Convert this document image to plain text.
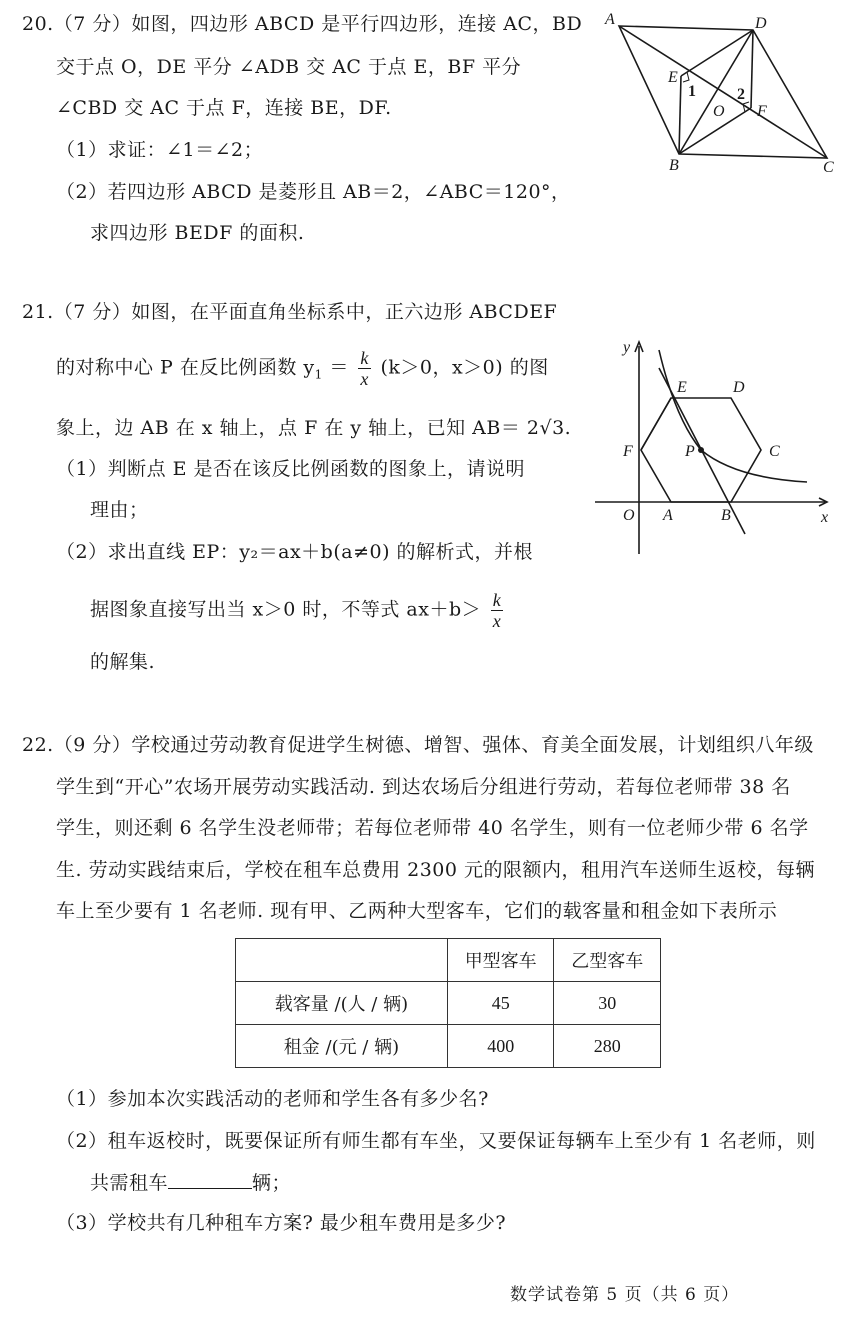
20.（7 分）如图，四边形 ABCD 是平行四边形，连接 AC，BD
交于点 O，DE 平分 ∠ADB 交 AC 于点 E，BF 平分
∠CBD 交 AC 于点 F，连接 BE，DF.
（1）求证：∠1＝∠2；
（2）若四边形 ABCD 是菱形且 AB＝2，∠ABC＝120°，
求四边形 BEDF 的面积.
A	D
C
B
E
F
O
1	2
21.（7 分）如图，在平面直角坐标系中，正六边形 ABCDEF
的对称中心 P 在反比例函数 $y_1 = \frac{k}{x} (k>0$，x＞0) 的图
象上，边 AB 在 x 轴上，点 F 在 y 轴上，已知 AB＝ 2√3.
（1）判断点 E 是否在该反比例函数的图象上，请说明
理由；
（2）求出直线 EP：y₂＝ax＋b(a≠0) 的解析式，并根
据图象直接写出当 x＞0 时，不等式 $ax+b> \frac{k}{x}$
的解集.
y
x
O A	B
C
D
E
F	P
22.（9 分）学校通过劳动教育促进学生树德、增智、强体、育美全面发展，计划组织八年级
学生到“开心”农场开展劳动实践活动. 到达农场后分组进行劳动，若每位老师带 38 名
学生，则还剩 6 名学生没老师带；若每位老师带 40 名学生，则有一位老师少带 6 名学
生. 劳动实践结束后，学校在租车总费用 2300 元的限额内，租用汽车送师生返校，每辆
车上至少要有 1 名老师. 现有甲、乙两种大型客车，它们的载客量和租金如下表所示
	甲型客车	乙型客车
载客量 /(人 / 辆)	45	30
租金 /(元 / 辆)	400	280
（1）参加本次实践活动的老师和学生各有多少名?
（2）租车返校时，既要保证所有师生都有车坐，又要保证每辆车上至少有 1 名老师，则
共需租车	辆；
（3）学校共有几种租车方案? 最少租车费用是多少?
数学试卷第 5 页（共 6 页）
